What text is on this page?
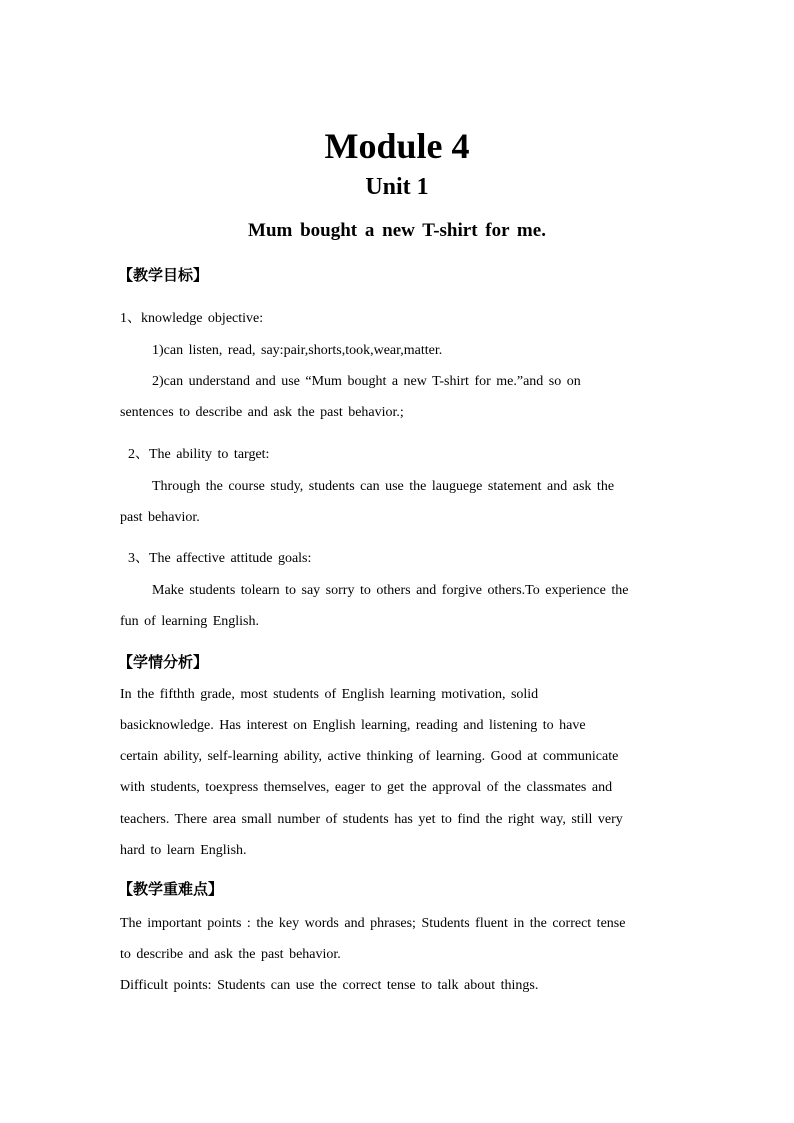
Module 4
Unit 1
Mum bought a new T-shirt for me.
【教学目标】
1、knowledge objective:
1)can listen, read, say:pair,shorts,took,wear,matter.
2)can understand and use “Mum bought a new T-shirt for me.”and so on
sentences to describe and ask the past behavior.;
2、The ability to target:
Through the course study, students can use the lauguege statement and ask the
past behavior.
3、The affective attitude goals:
Make students tolearn to say sorry to others and forgive others.To experience the
fun of learning English.
【学情分析】
In the fifthth grade, most students of English learning motivation, solid
basicknowledge. Has interest on English learning, reading and listening to have
certain ability, self-learning ability, active thinking of learning. Good at communicate
with students, toexpress themselves, eager to get the approval of the classmates and
teachers. There area small number of students has yet to find the right way, still very
hard to learn English.
【教学重难点】
The important points : the key words and phrases; Students fluent in the correct tense
to describe and ask the past behavior.
Difficult points: Students can use the correct tense to talk about things.
